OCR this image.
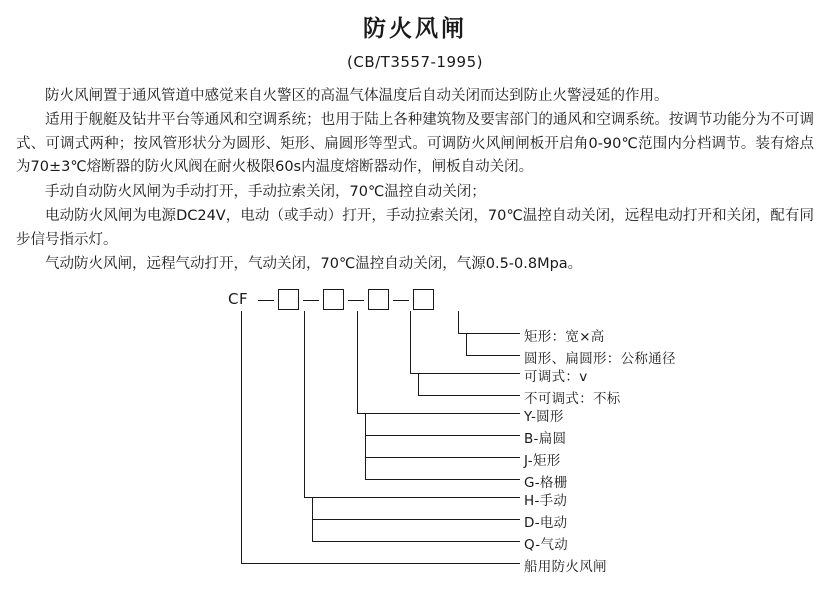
防火风闸
(CB/T3557-1995)

防火风闸置于通风管道中感觉来自火警区的高温气体温度后自动关闭而达到防止火警浸延的作用。

适用于舰艇及钻井平台等通风和空调系统；也用于陆上各种建筑物及要害部门的通风和空调系统。按调节功能分为不可调式、可调式两种；按风管形状分为圆形、矩形、扁圆形等型式。可调防火风闸闸板开启角0-90℃范围内分档调节。装有熔点为70±3℃熔断器的防火风阀在耐火极限60s内温度熔断器动作，闸板自动关闭。

手动自动防火风闸为手动打开，手动拉索关闭，70℃温控自动关闭；

电动防火风闸为电源DC24V，电动（或手动）打开，手动拉索关闭，70℃温控自动关闭，远程电动打开和关闭，配有同步信号指示灯。

气动防火风闸，远程气动打开，气动关闭，70℃温控自动关闭，气源0.5-0.8Mpa。

CF
矩形：宽×高
圆形、扁圆形：公称通径
可调式：v
不可调式：不标
Y-圆形
B-扁圆
J-矩形
G-格栅
H-手动
D-电动
Q-气动
船用防火风闸
